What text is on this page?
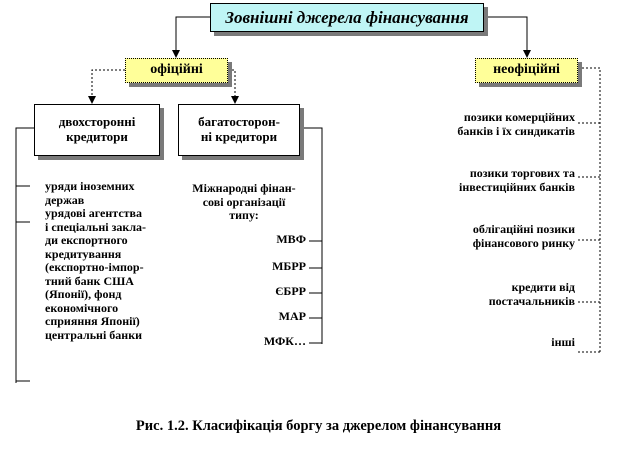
Зовнішні джерела фінансування
офіційні	неофіційні
двохсторонні
кредитори
багатосторон-
ні кредитори
уряди іноземних
держав
урядові агентства
і спеціальні закла-
ди експортного
кредитування
(експортно-імпор-
тний банк США
(Японії), фонд
економічного
сприяння Японії)
центральні банки
Міжнародні фінан-
сові організації
типу:
МВФ
МБРР
ЄБРР
МАР
МФК…
позики комерційних
банків і їх синдикатів
позики торгових та
інвестиційних банків
облігаційні позики
фінансового ринку
кредити від
постачальників
інші
Рис. 1.2. Класифікація боргу за джерелом фінансування
